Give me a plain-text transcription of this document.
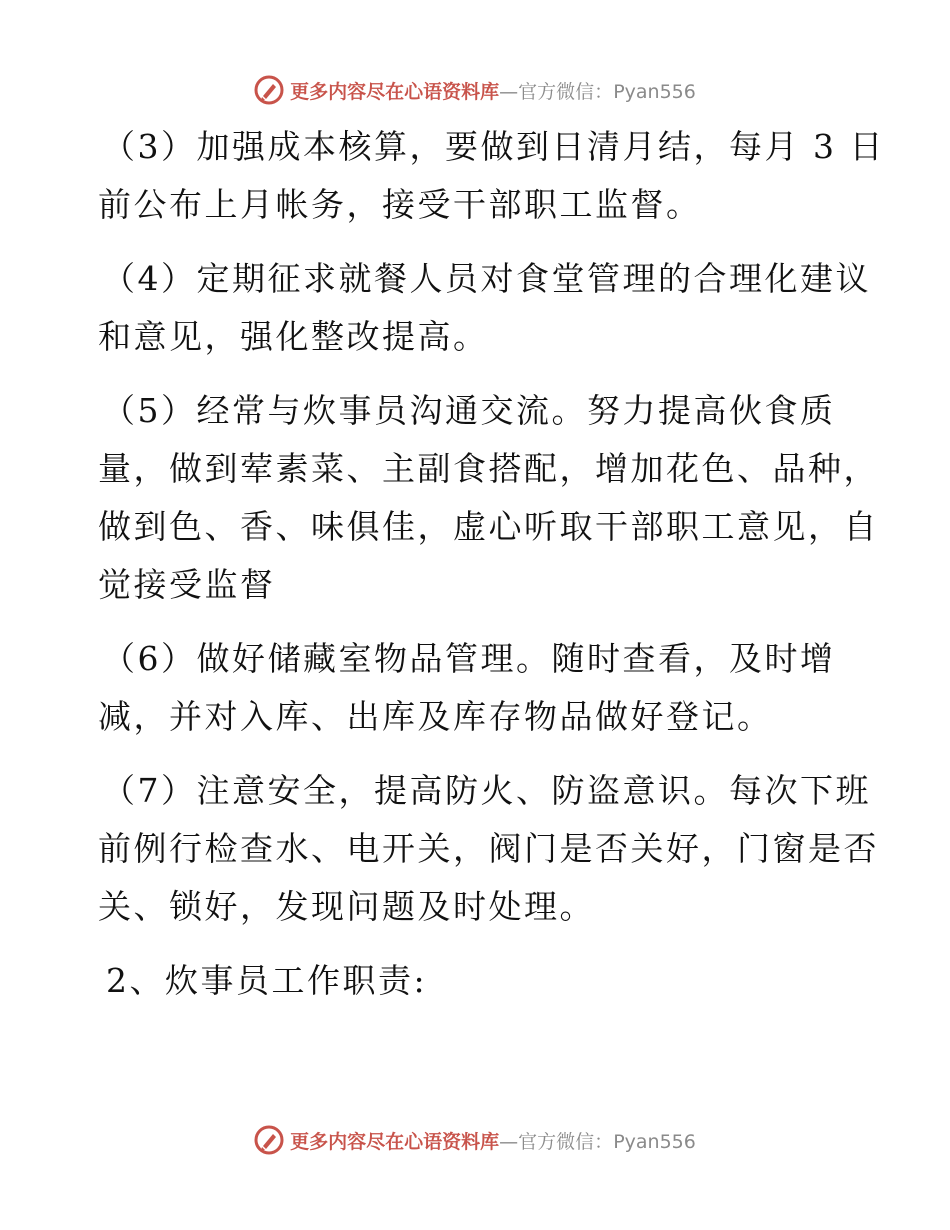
更多内容尽在心语资料库—官方微信：Pyan556

（3）加强成本核算，要做到日清月结，每月 3 日
前公布上月帐务，接受干部职工监督。

（4）定期征求就餐人员对食堂管理的合理化建议
和意见，强化整改提高。

（5）经常与炊事员沟通交流。努力提高伙食质
量，做到荤素菜、主副食搭配，增加花色、品种，
做到色、香、味俱佳，虚心听取干部职工意见，自
觉接受监督

（6）做好储藏室物品管理。随时查看，及时增
减，并对入库、出库及库存物品做好登记。

（7）注意安全，提高防火、防盗意识。每次下班
前例行检查水、电开关，阀门是否关好，门窗是否
关、锁好，发现问题及时处理。

2、炊事员工作职责:
更多内容尽在心语资料库—官方微信：Pyan556
